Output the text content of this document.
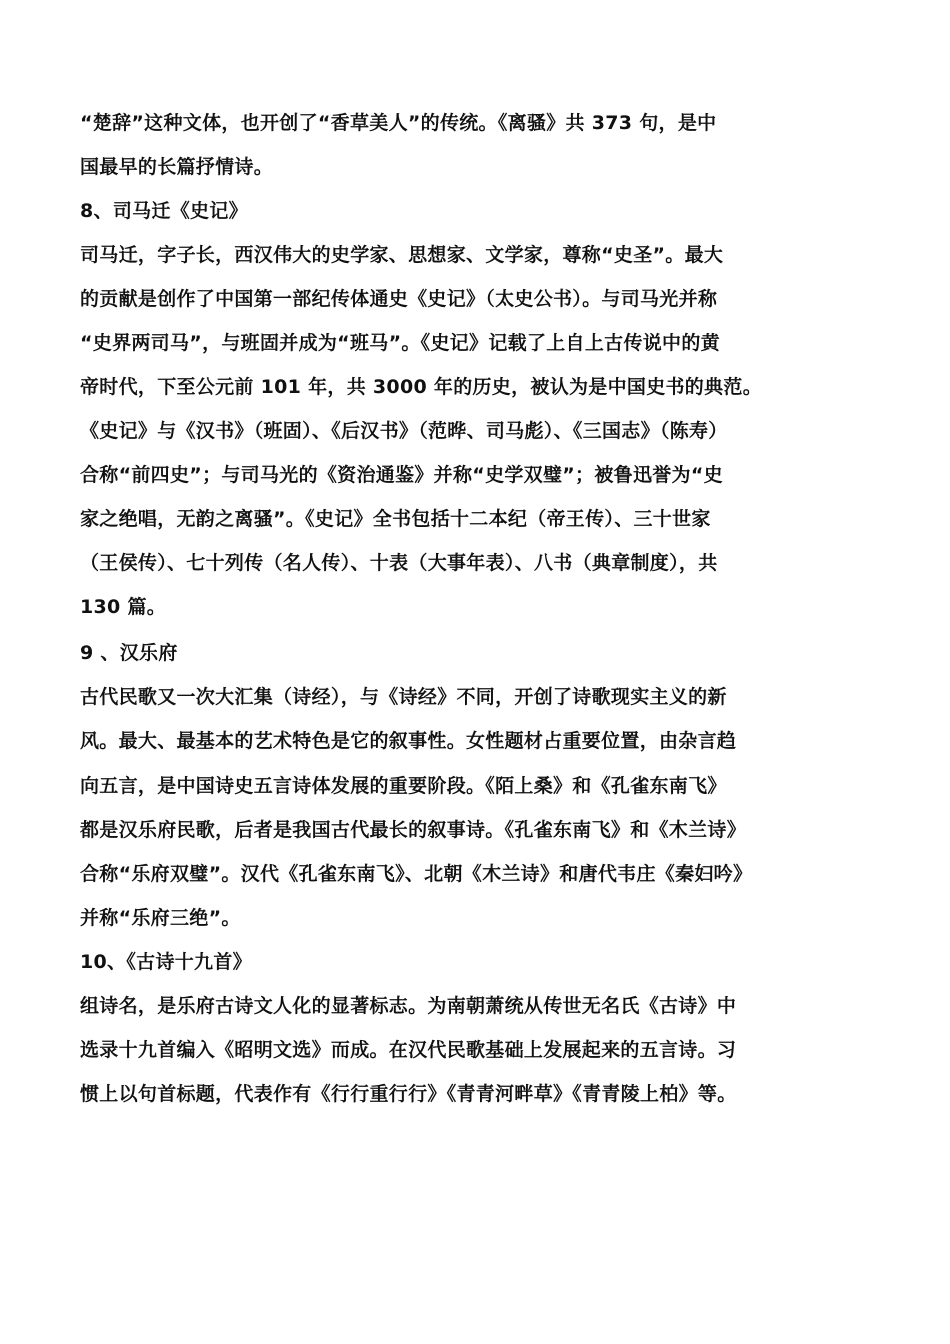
“楚辞”这种文体，也开创了“香草美人”的传统。《离骚》共 373 句，是中
国最早的长篇抒情诗。
8、司马迁《史记》
司马迁，字子长，西汉伟大的史学家、思想家、文学家，尊称“史圣”。最大
的贡献是创作了中国第一部纪传体通史《史记》（太史公书）。与司马光并称
“史界两司马”，与班固并成为“班马”。《史记》记载了上自上古传说中的黄
帝时代，下至公元前 101 年，共 3000 年的历史，被认为是中国史书的典范。
《史记》与《汉书》（班固）、《后汉书》（范晔、司马彪）、《三国志》（陈寿）
合称“前四史”；与司马光的《资治通鉴》并称“史学双璧”；被鲁迅誉为“史
家之绝唱，无韵之离骚”。《史记》全书包括十二本纪（帝王传）、三十世家
（王侯传）、七十列传（名人传）、十表（大事年表）、八书（典章制度），共
130 篇。
9 、汉乐府
古代民歌又一次大汇集（诗经），与《诗经》不同，开创了诗歌现实主义的新
风。最大、最基本的艺术特色是它的叙事性。女性题材占重要位置，由杂言趋
向五言，是中国诗史五言诗体发展的重要阶段。《陌上桑》和《孔雀东南飞》
都是汉乐府民歌，后者是我国古代最长的叙事诗。《孔雀东南飞》和《木兰诗》
合称“乐府双璧”。汉代《孔雀东南飞》、北朝《木兰诗》和唐代韦庄《秦妇吟》
并称“乐府三绝”。
10、《古诗十九首》
组诗名，是乐府古诗文人化的显著标志。为南朝萧统从传世无名氏《古诗》中
选录十九首编入《昭明文选》而成。在汉代民歌基础上发展起来的五言诗。习
惯上以句首标题，代表作有《行行重行行》《青青河畔草》《青青陵上柏》等。
